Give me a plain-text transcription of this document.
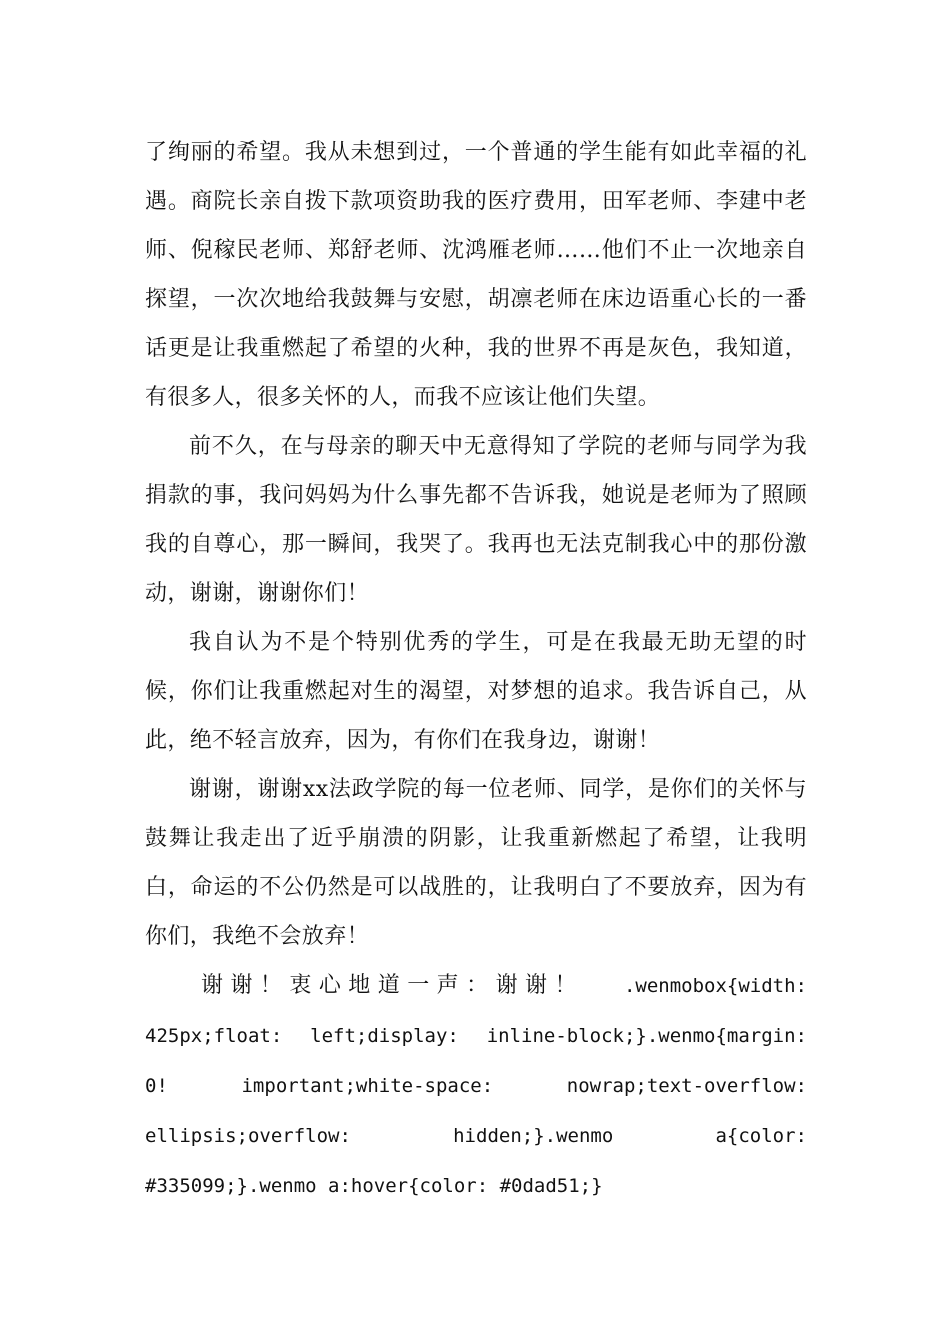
了绚丽的希望。我从未想到过，一个普通的学生能有如此幸福的礼遇。商院长亲自拨下款项资助我的医疗费用，田军老师、李建中老师、倪稼民老师、郑舒老师、沈鸿雁老师……他们不止一次地亲自探望，一次次地给我鼓舞与安慰，胡凛老师在床边语重心长的一番话更是让我重燃起了希望的火种，我的世界不再是灰色，我知道，有很多人，很多关怀的人，而我不应该让他们失望。

前不久，在与母亲的聊天中无意得知了学院的老师与同学为我捐款的事，我问妈妈为什么事先都不告诉我，她说是老师为了照顾我的自尊心，那一瞬间，我哭了。我再也无法克制我心中的那份激动，谢谢，谢谢你们！

我自认为不是个特别优秀的学生，可是在我最无助无望的时候，你们让我重燃起对生的渴望，对梦想的追求。我告诉自己，从此，绝不轻言放弃，因为，有你们在我身边，谢谢！

谢谢，谢谢xx法政学院的每一位老师、同学，是你们的关怀与鼓舞让我走出了近乎崩溃的阴影，让我重新燃起了希望，让我明白，命运的不公仍然是可以战胜的，让我明白了不要放弃，因为有你们，我绝不会放弃！

谢谢！衷心地道一声：谢谢！ .wenmobox{width: 425px;float: left;display: inline-block;}.wenmo{margin: 0! important;white-space: nowrap;text-overflow: ellipsis;overflow: hidden;}.wenmo a{color: #335099;}.wenmo a:hover{color: #0dad51;}
